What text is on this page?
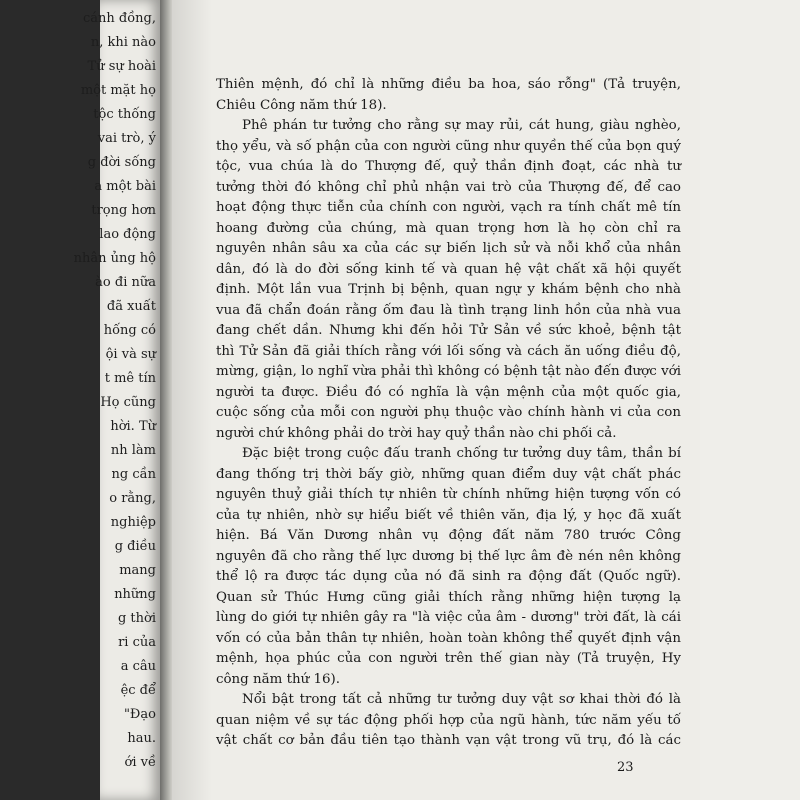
cánh đồng,
n, khi nào
Tử sự hoài
một mặt họ
tộc thống
vai trò, ý
g đời sống
a một bài
trọng hơn
lao động
nhân ủng hộ
ào đi nữa
đã xuất
hống có
ội và sự
t mê tín
Họ cũng
hời. Từ
nh làm
ng cần
o rằng,
nghiệp
g điều
mang
những
g thời
ri của
a câu
ệc để
"Đạo
hau.
ới về
Thiên mệnh, đó chỉ là những điều ba hoa, sáo rỗng" (Tả truyện,
Chiêu Công năm thứ 18).
Phê phán tư tưởng cho rằng sự may rủi, cát hung, giàu nghèo,
thọ yểu, và số phận của con người cũng như quyền thế của bọn quý
tộc, vua chúa là do Thượng đế, quỷ thần định đoạt, các nhà tư
tưởng thời đó không chỉ phủ nhận vai trò của Thượng đế, để cao
hoạt động thực tiễn của chính con người, vạch ra tính chất mê tín
hoang đường của chúng, mà quan trọng hơn là họ còn chỉ ra
nguyên nhân sâu xa của các sự biến lịch sử và nỗi khổ của nhân
dân, đó là do đời sống kinh tế và quan hệ vật chất xã hội quyết
định. Một lần vua Trịnh bị bệnh, quan ngự y khám bệnh cho nhà
vua đã chẩn đoán rằng ốm đau là tình trạng linh hồn của nhà vua
đang chết dần. Nhưng khi đến hỏi Tử Sản về sức khoẻ, bệnh tật
thì Tử Sản đã giải thích rằng với lối sống và cách ăn uống điều độ,
mừng, giận, lo nghĩ vừa phải thì không có bệnh tật nào đến được với
người ta được. Điều đó có nghĩa là vận mệnh của một quốc gia,
cuộc sống của mỗi con người phụ thuộc vào chính hành vi của con
người chứ không phải do trời hay quỷ thần nào chi phối cả.
Đặc biệt trong cuộc đấu tranh chống tư tưởng duy tâm, thần bí
đang thống trị thời bấy giờ, những quan điểm duy vật chất phác
nguyên thuỷ giải thích tự nhiên từ chính những hiện tượng vốn có
của tự nhiên, nhờ sự hiểu biết về thiên văn, địa lý, y học đã xuất
hiện. Bá Văn Dương nhân vụ động đất năm 780 trước Công
nguyên đã cho rằng thế lực dương bị thế lực âm đè nén nên không
thể lộ ra được tác dụng của nó đã sinh ra động đất (Quốc ngữ).
Quan sử Thúc Hưng cũng giải thích rằng những hiện tượng lạ
lùng do giới tự nhiên gây ra "là việc của âm - dương" trời đất, là cái
vốn có của bản thân tự nhiên, hoàn toàn không thể quyết định vận
mệnh, họa phúc của con người trên thế gian này (Tả truyện, Hy
công năm thứ 16).
Nổi bật trong tất cả những tư tưởng duy vật sơ khai thời đó là
quan niệm về sự tác động phối hợp của ngũ hành, tức năm yếu tố
vật chất cơ bản đầu tiên tạo thành vạn vật trong vũ trụ, đó là các
23
